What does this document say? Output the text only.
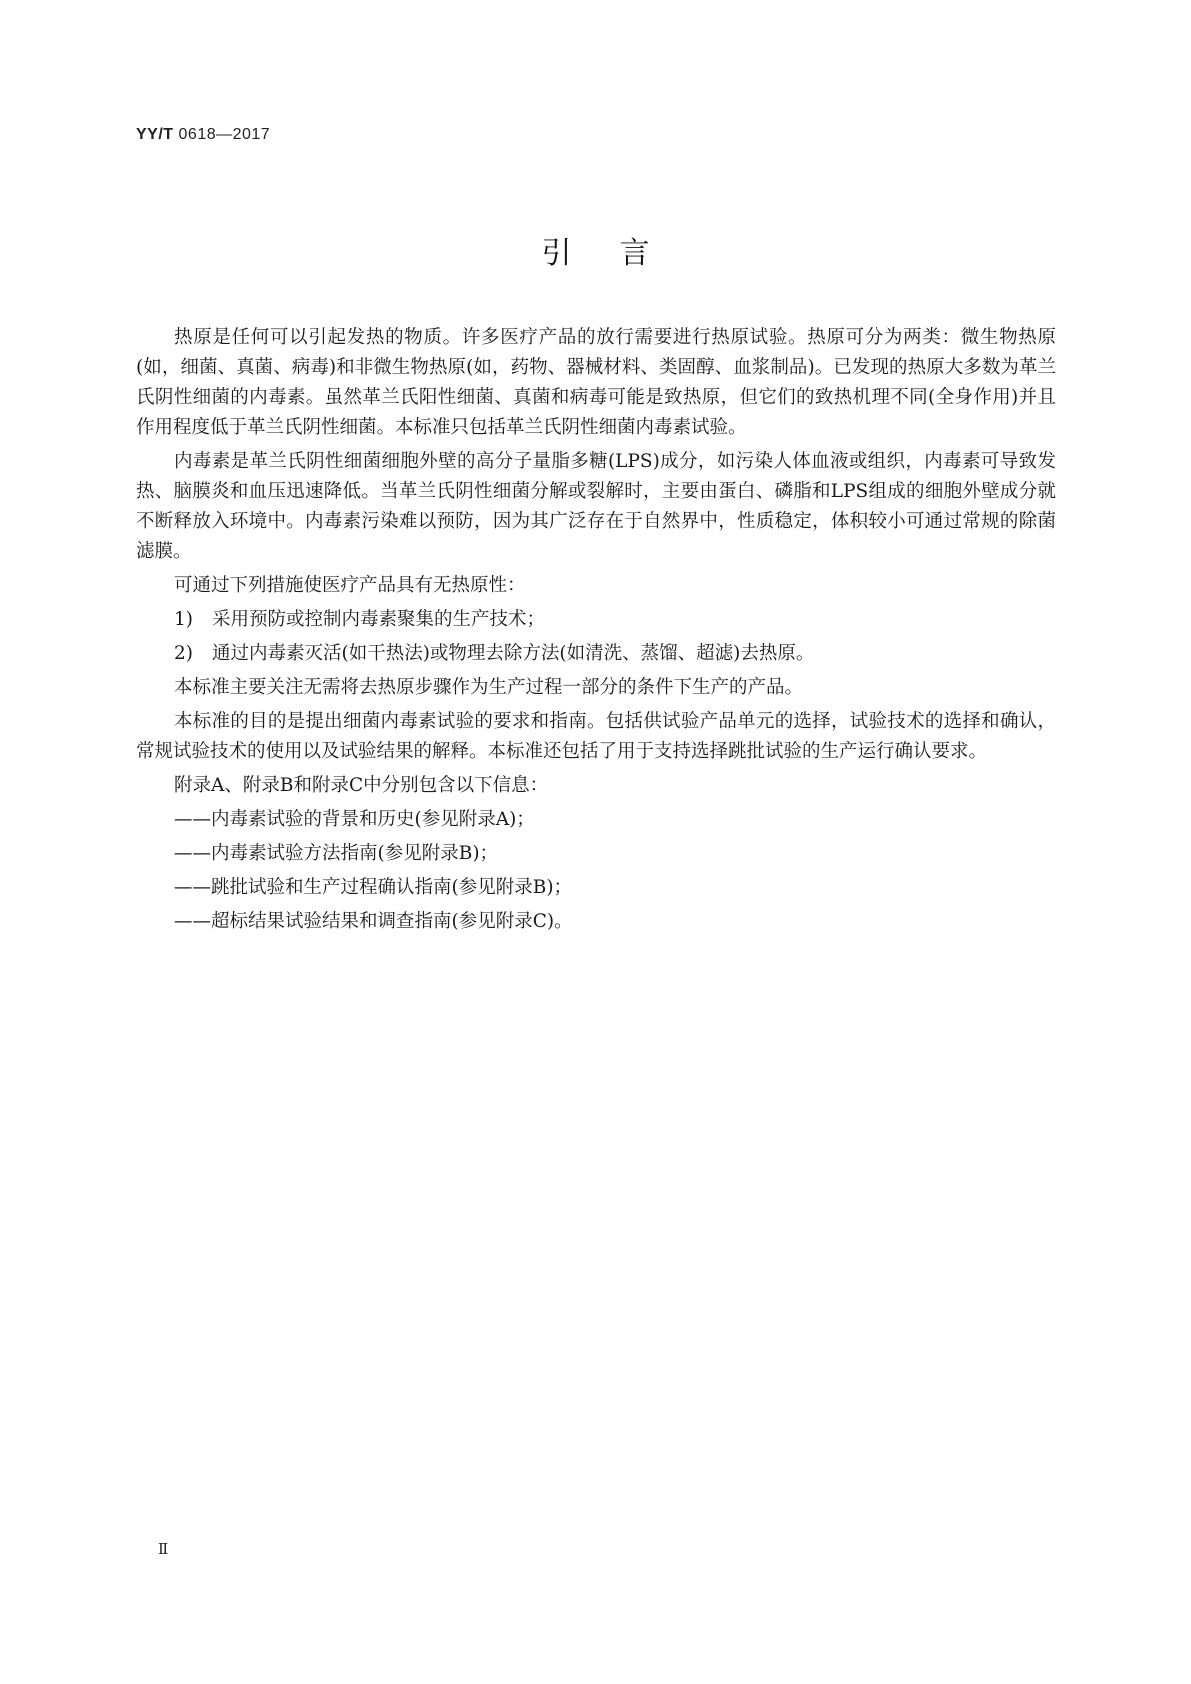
YY/T 0618—2017

引言

热原是任何可以引起发热的物质。许多医疗产品的放行需要进行热原试验。热原可分为两类：微生物热原(如，细菌、真菌、病毒)和非微生物热原(如，药物、器械材料、类固醇、血浆制品)。已发现的热原大多数为革兰氏阴性细菌的内毒素。虽然革兰氏阳性细菌、真菌和病毒可能是致热原，但它们的致热机理不同(全身作用)并且作用程度低于革兰氏阴性细菌。本标准只包括革兰氏阴性细菌内毒素试验。

内毒素是革兰氏阴性细菌细胞外壁的高分子量脂多糖(LPS)成分，如污染人体血液或组织，内毒素可导致发热、脑膜炎和血压迅速降低。当革兰氏阴性细菌分解或裂解时，主要由蛋白、磷脂和LPS组成的细胞外壁成分就不断释放入环境中。内毒素污染难以预防，因为其广泛存在于自然界中，性质稳定，体积较小可通过常规的除菌滤膜。

可通过下列措施使医疗产品具有无热原性：

1) 采用预防或控制内毒素聚集的生产技术；

2) 通过内毒素灭活(如干热法)或物理去除方法(如清洗、蒸馏、超滤)去热原。

本标准主要关注无需将去热原步骤作为生产过程一部分的条件下生产的产品。

本标准的目的是提出细菌内毒素试验的要求和指南。包括供试验产品单元的选择，试验技术的选择和确认，常规试验技术的使用以及试验结果的解释。本标准还包括了用于支持选择跳批试验的生产运行确认要求。

附录A、附录B和附录C中分别包含以下信息：

——内毒素试验的背景和历史(参见附录A)；

——内毒素试验方法指南(参见附录B)；

——跳批试验和生产过程确认指南(参见附录B)；

——超标结果试验结果和调查指南(参见附录C)。

Ⅱ
